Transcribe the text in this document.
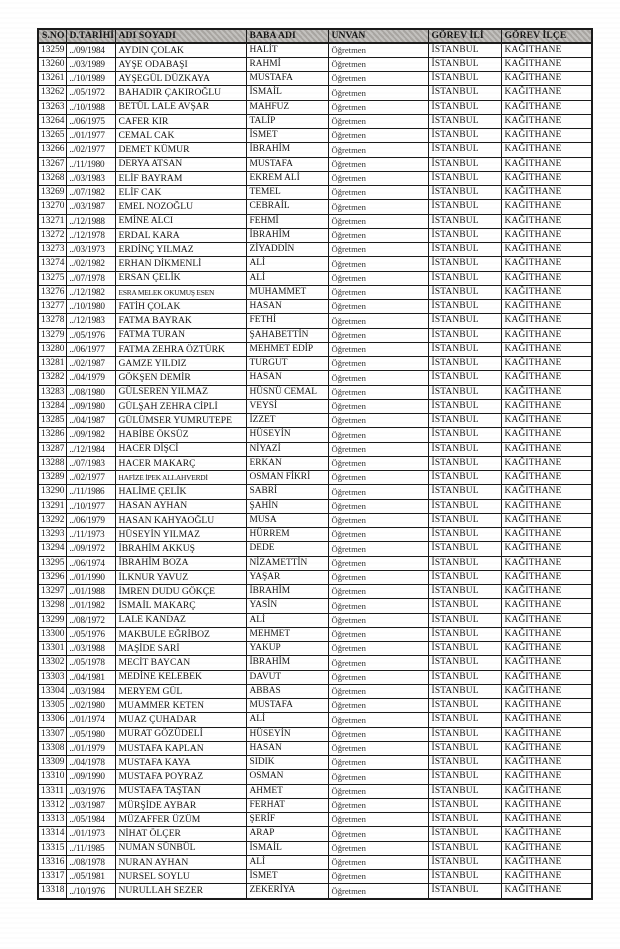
S.NO	D.TARİHİ	ADI SOYADI	BABA ADI	UNVAN	GÖREV İLİ	GÖREV İLÇE
13259	../09/1984	AYDIN ÇOLAK	HALİT	Öğretmen	İSTANBUL	KAĞITHANE
13260	../03/1989	AYŞE ODABAŞI	RAHMİ	Öğretmen	İSTANBUL	KAĞITHANE
13261	../10/1989	AYŞEGÜL DÜZKAYA	MUSTAFA	Öğretmen	İSTANBUL	KAĞITHANE
13262	../05/1972	BAHADIR ÇAKIROĞLU	İSMAİL	Öğretmen	İSTANBUL	KAĞITHANE
13263	../10/1988	BETÜL LALE AVŞAR	MAHFUZ	Öğretmen	İSTANBUL	KAĞITHANE
13264	../06/1975	CAFER KIR	TALİP	Öğretmen	İSTANBUL	KAĞITHANE
13265	../01/1977	CEMAL CAK	İSMET	Öğretmen	İSTANBUL	KAĞITHANE
13266	../02/1977	DEMET KÜMUR	İBRAHİM	Öğretmen	İSTANBUL	KAĞITHANE
13267	../11/1980	DERYA ATSAN	MUSTAFA	Öğretmen	İSTANBUL	KAĞITHANE
13268	../03/1983	ELİF BAYRAM	EKREM ALİ	Öğretmen	İSTANBUL	KAĞITHANE
13269	../07/1982	ELİF CAK	TEMEL	Öğretmen	İSTANBUL	KAĞITHANE
13270	../03/1987	EMEL NOZOĞLU	CEBRAİL	Öğretmen	İSTANBUL	KAĞITHANE
13271	../12/1988	EMİNE ALCI	FEHMİ	Öğretmen	İSTANBUL	KAĞITHANE
13272	../12/1978	ERDAL KARA	İBRAHİM	Öğretmen	İSTANBUL	KAĞITHANE
13273	../03/1973	ERDİNÇ YILMAZ	ZİYADDİN	Öğretmen	İSTANBUL	KAĞITHANE
13274	../02/1982	ERHAN DİKMENLİ	ALİ	Öğretmen	İSTANBUL	KAĞITHANE
13275	../07/1978	ERSAN ÇELİK	ALİ	Öğretmen	İSTANBUL	KAĞITHANE
13276	../12/1982	ESRA MELEK OKUMUŞ ESEN	MUHAMMET	Öğretmen	İSTANBUL	KAĞITHANE
13277	../10/1980	FATİH ÇOLAK	HASAN	Öğretmen	İSTANBUL	KAĞITHANE
13278	../12/1983	FATMA BAYRAK	FETHİ	Öğretmen	İSTANBUL	KAĞITHANE
13279	../05/1976	FATMA TURAN	ŞAHABETTİN	Öğretmen	İSTANBUL	KAĞITHANE
13280	../06/1977	FATMA ZEHRA ÖZTÜRK	MEHMET EDİP	Öğretmen	İSTANBUL	KAĞITHANE
13281	../02/1987	GAMZE YILDIZ	TURGUT	Öğretmen	İSTANBUL	KAĞITHANE
13282	../04/1979	GÖKŞEN DEMİR	HASAN	Öğretmen	İSTANBUL	KAĞITHANE
13283	../08/1980	GÜLSEREN YILMAZ	HÜSNÜ CEMAL	Öğretmen	İSTANBUL	KAĞITHANE
13284	../09/1980	GÜLŞAH ZEHRA CİPLİ	VEYSİ	Öğretmen	İSTANBUL	KAĞITHANE
13285	../04/1987	GÜLÜMSER YUMRUTEPE	İZZET	Öğretmen	İSTANBUL	KAĞITHANE
13286	../09/1982	HABİBE ÖKSÜZ	HÜSEYİN	Öğretmen	İSTANBUL	KAĞITHANE
13287	../12/1984	HACER DİŞCİ	NİYAZİ	Öğretmen	İSTANBUL	KAĞITHANE
13288	../07/1983	HACER MAKARÇ	ERKAN	Öğretmen	İSTANBUL	KAĞITHANE
13289	../02/1977	HAFİZE İPEK ALLAHVERDİ	OSMAN FİKRİ	Öğretmen	İSTANBUL	KAĞITHANE
13290	../11/1986	HALİME ÇELİK	SABRİ	Öğretmen	İSTANBUL	KAĞITHANE
13291	../10/1977	HASAN AYHAN	ŞAHİN	Öğretmen	İSTANBUL	KAĞITHANE
13292	../06/1979	HASAN KAHYAOĞLU	MUSA	Öğretmen	İSTANBUL	KAĞITHANE
13293	../11/1973	HÜSEYİN YILMAZ	HÜRREM	Öğretmen	İSTANBUL	KAĞITHANE
13294	../09/1972	İBRAHİM AKKUŞ	DEDE	Öğretmen	İSTANBUL	KAĞITHANE
13295	../06/1974	İBRAHİM BOZA	NİZAMETTİN	Öğretmen	İSTANBUL	KAĞITHANE
13296	../01/1990	İLKNUR YAVUZ	YAŞAR	Öğretmen	İSTANBUL	KAĞITHANE
13297	../01/1988	İMREN DUDU GÖKÇE	İBRAHİM	Öğretmen	İSTANBUL	KAĞITHANE
13298	../01/1982	İSMAİL MAKARÇ	YASİN	Öğretmen	İSTANBUL	KAĞITHANE
13299	../08/1972	LALE KANDAZ	ALİ	Öğretmen	İSTANBUL	KAĞITHANE
13300	../05/1976	MAKBULE EĞRİBOZ	MEHMET	Öğretmen	İSTANBUL	KAĞITHANE
13301	../03/1988	MAŞİDE SARİ	YAKUP	Öğretmen	İSTANBUL	KAĞITHANE
13302	../05/1978	MECİT BAYCAN	İBRAHİM	Öğretmen	İSTANBUL	KAĞITHANE
13303	../04/1981	MEDİNE KELEBEK	DAVUT	Öğretmen	İSTANBUL	KAĞITHANE
13304	../03/1984	MERYEM GÜL	ABBAS	Öğretmen	İSTANBUL	KAĞITHANE
13305	../02/1980	MUAMMER KETEN	MUSTAFA	Öğretmen	İSTANBUL	KAĞITHANE
13306	../01/1974	MUAZ ÇUHADAR	ALİ	Öğretmen	İSTANBUL	KAĞITHANE
13307	../05/1980	MURAT GÖZÜDELİ	HÜSEYİN	Öğretmen	İSTANBUL	KAĞITHANE
13308	../01/1979	MUSTAFA KAPLAN	HASAN	Öğretmen	İSTANBUL	KAĞITHANE
13309	../04/1978	MUSTAFA KAYA	SIDIK	Öğretmen	İSTANBUL	KAĞITHANE
13310	../09/1990	MUSTAFA POYRAZ	OSMAN	Öğretmen	İSTANBUL	KAĞITHANE
13311	../03/1976	MUSTAFA TAŞTAN	AHMET	Öğretmen	İSTANBUL	KAĞITHANE
13312	../03/1987	MÜRŞİDE AYBAR	FERHAT	Öğretmen	İSTANBUL	KAĞITHANE
13313	../05/1984	MÜZAFFER ÜZÜM	ŞERİF	Öğretmen	İSTANBUL	KAĞITHANE
13314	../01/1973	NİHAT ÖLÇER	ARAP	Öğretmen	İSTANBUL	KAĞITHANE
13315	../11/1985	NUMAN SÜNBÜL	İSMAİL	Öğretmen	İSTANBUL	KAĞITHANE
13316	../08/1978	NURAN AYHAN	ALİ	Öğretmen	İSTANBUL	KAĞITHANE
13317	../05/1981	NURSEL SOYLU	İSMET	Öğretmen	İSTANBUL	KAĞITHANE
13318	../10/1976	NURULLAH SEZER	ZEKERİYA	Öğretmen	İSTANBUL	KAĞITHANE
